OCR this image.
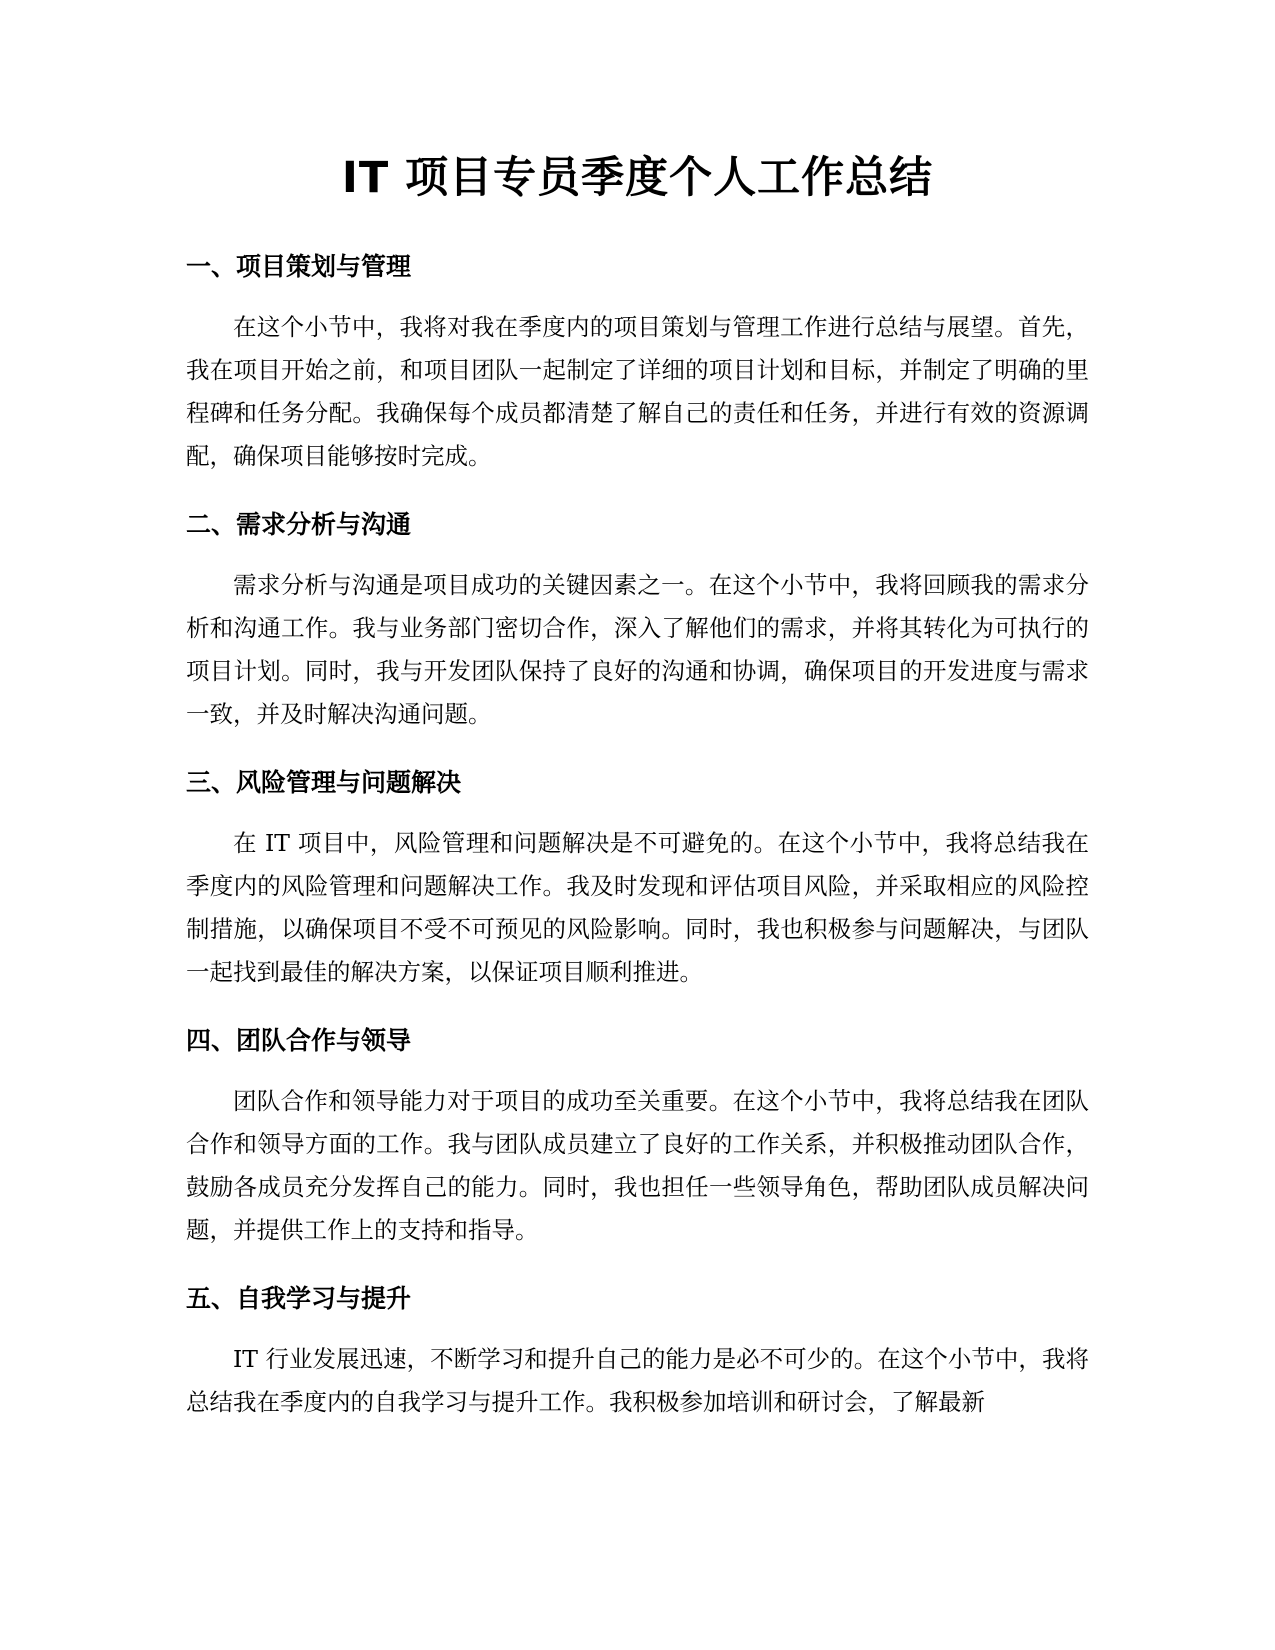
IT 项目专员季度个人工作总结
一、项目策划与管理

在这个小节中，我将对我在季度内的项目策划与管理工作进行总结与展望。首先，我在项目开始之前，和项目团队一起制定了详细的项目计划和目标，并制定了明确的里程碑和任务分配。我确保每个成员都清楚了解自己的责任和任务，并进行有效的资源调配，确保项目能够按时完成。

二、需求分析与沟通

需求分析与沟通是项目成功的关键因素之一。在这个小节中，我将回顾我的需求分析和沟通工作。我与业务部门密切合作，深入了解他们的需求，并将其转化为可执行的项目计划。同时，我与开发团队保持了良好的沟通和协调，确保项目的开发进度与需求一致，并及时解决沟通问题。

三、风险管理与问题解决

在 IT 项目中，风险管理和问题解决是不可避免的。在这个小节中，我将总结我在季度内的风险管理和问题解决工作。我及时发现和评估项目风险，并采取相应的风险控制措施，以确保项目不受不可预见的风险影响。同时，我也积极参与问题解决，与团队一起找到最佳的解决方案，以保证项目顺利推进。

四、团队合作与领导

团队合作和领导能力对于项目的成功至关重要。在这个小节中，我将总结我在团队合作和领导方面的工作。我与团队成员建立了良好的工作关系，并积极推动团队合作，鼓励各成员充分发挥自己的能力。同时，我也担任一些领导角色，帮助团队成员解决问题，并提供工作上的支持和指导。

五、自我学习与提升

IT 行业发展迅速，不断学习和提升自己的能力是必不可少的。在这个小节中，我将总结我在季度内的自我学习与提升工作。我积极参加培训和研讨会，了解最新
